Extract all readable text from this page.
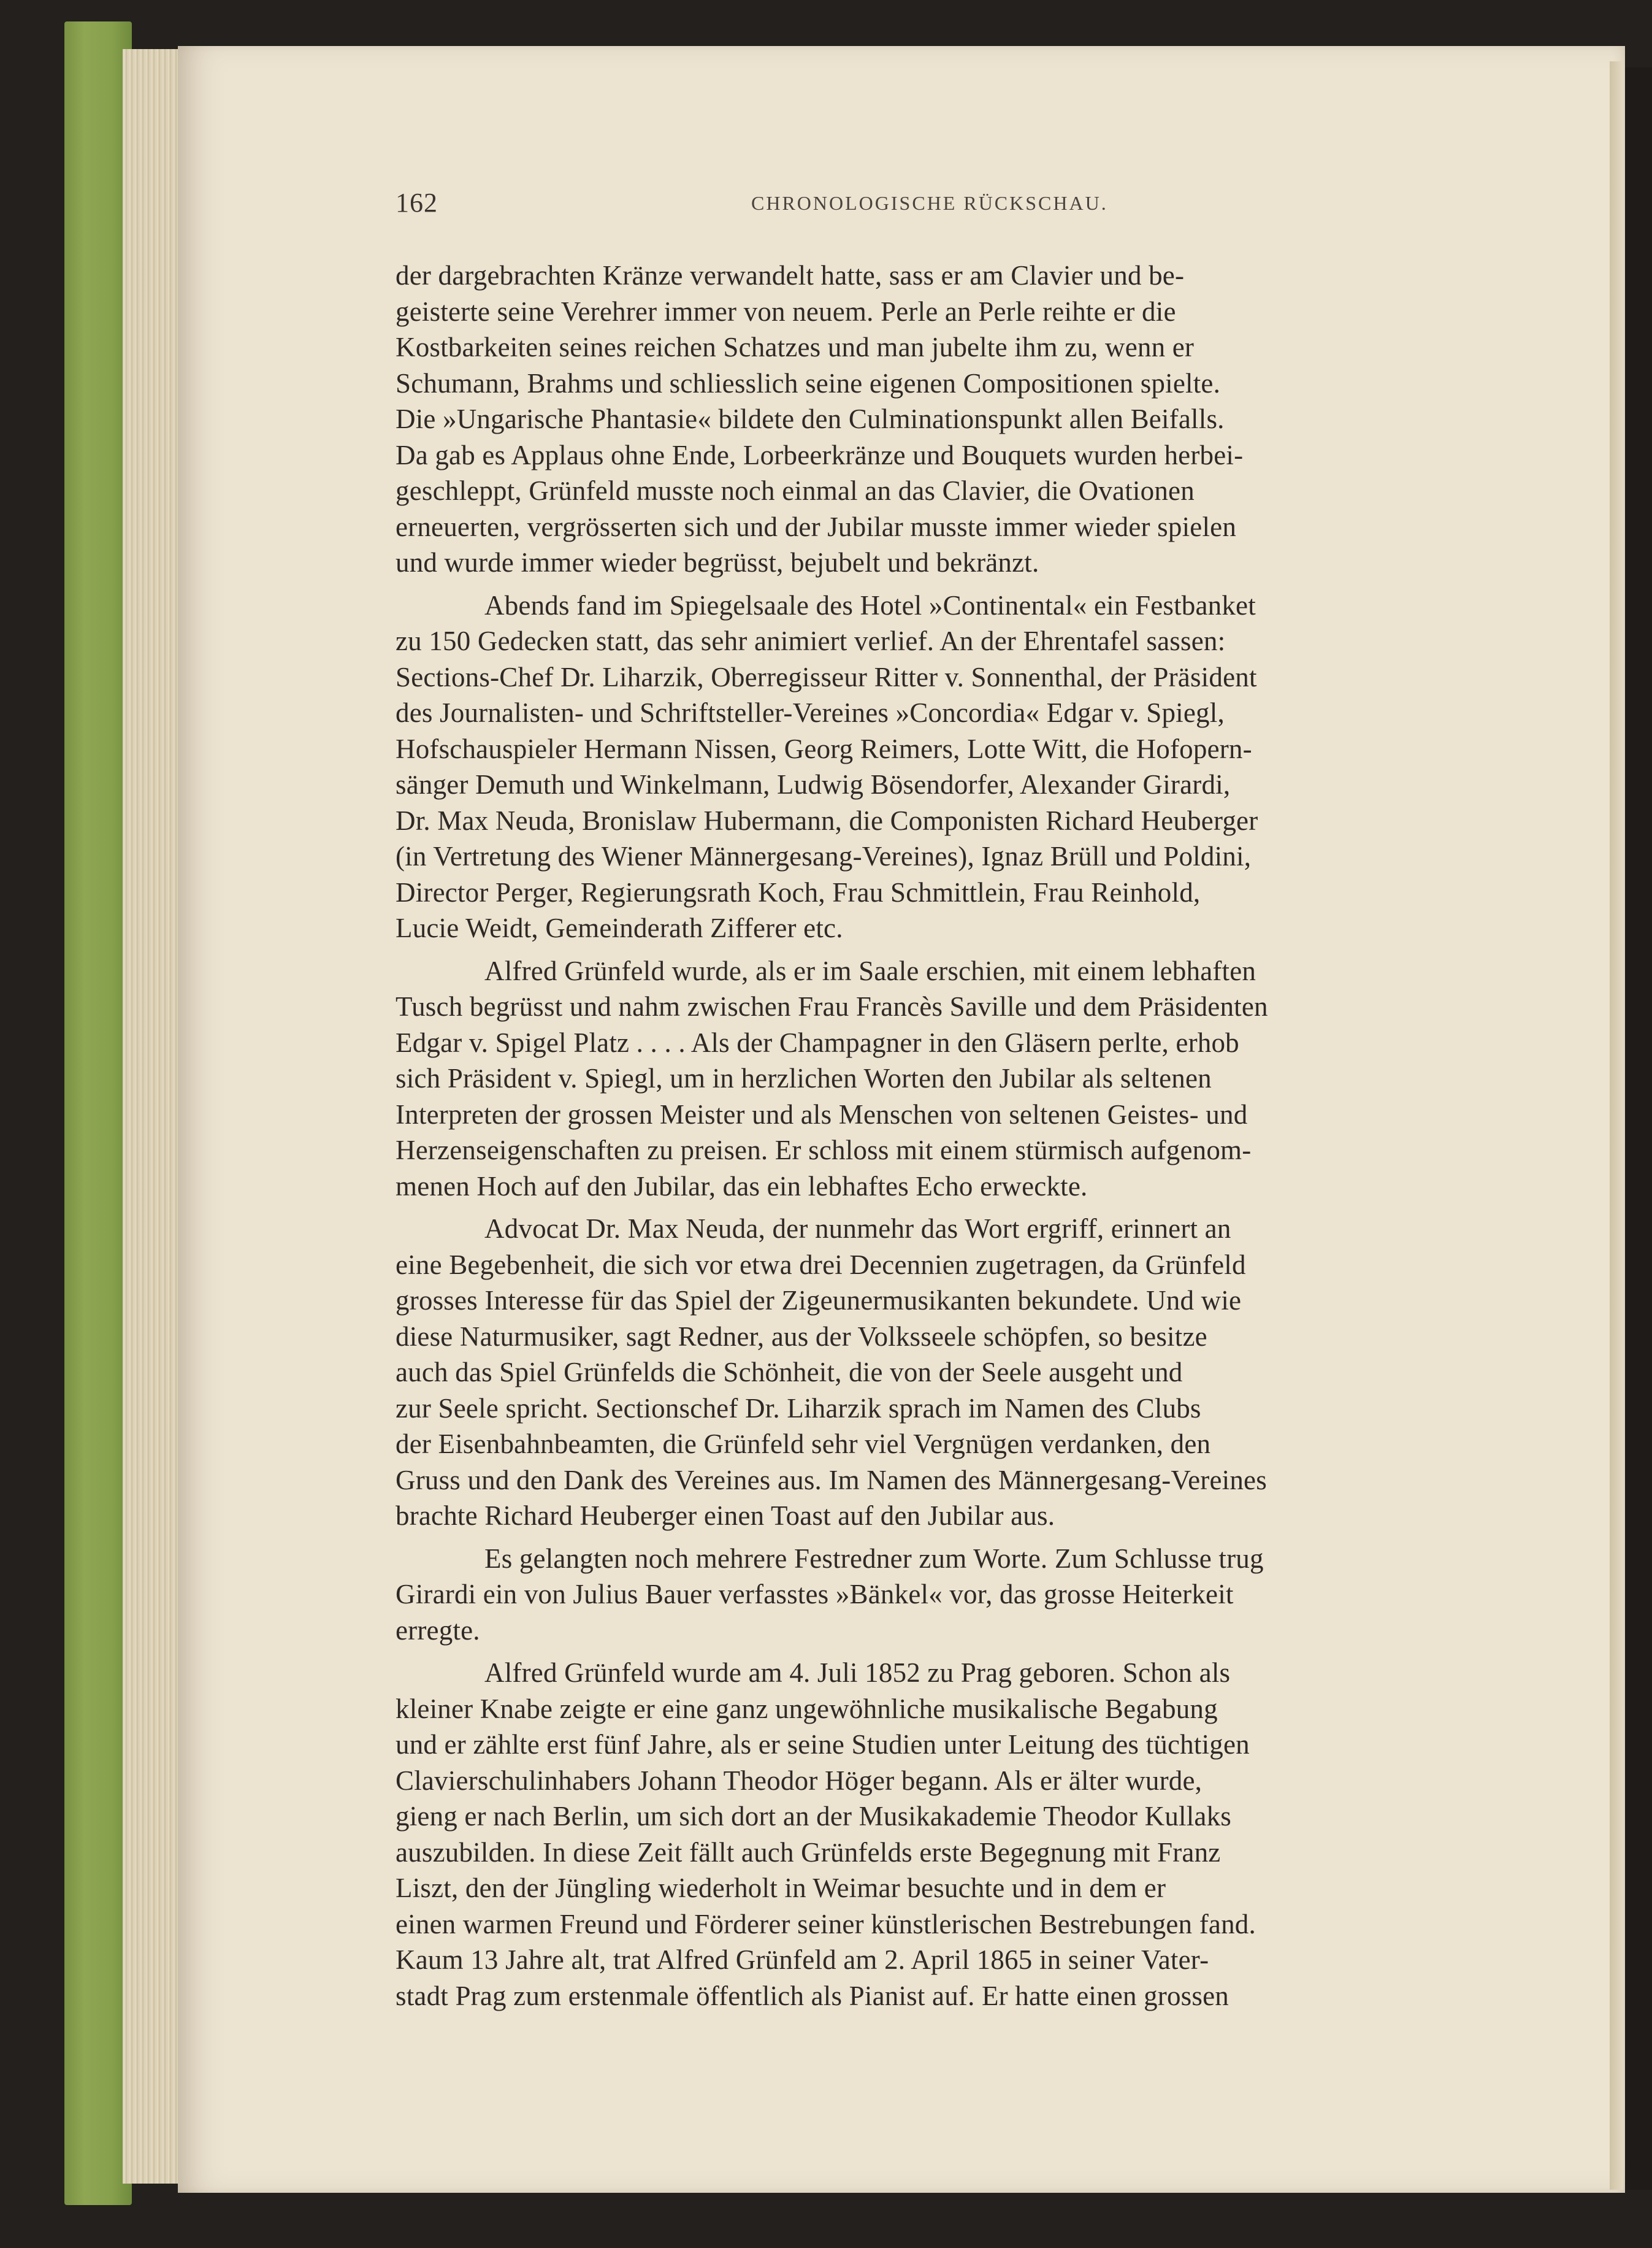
162	CHRONOLOGISCHE RÜCKSCHAU.

der dargebrachten Kränze verwandelt hatte, sass er am Clavier und be-
geisterte seine Verehrer immer von neuem. Perle an Perle reihte er die
Kostbarkeiten seines reichen Schatzes und man jubelte ihm zu, wenn er
Schumann, Brahms und schliesslich seine eigenen Compositionen spielte.
Die »Ungarische Phantasie« bildete den Culminationspunkt allen Beifalls.
Da gab es Applaus ohne Ende, Lorbeerkränze und Bouquets wurden herbei-
geschleppt, Grünfeld musste noch einmal an das Clavier, die Ovationen
erneuerten, vergrösserten sich und der Jubilar musste immer wieder spielen
und wurde immer wieder begrüsst, bejubelt und bekränzt.

Abends fand im Spiegelsaale des Hotel »Continental« ein Festbanket
zu 150 Gedecken statt, das sehr animiert verlief. An der Ehrentafel sassen:
Sections-Chef Dr. Liharzik, Oberregisseur Ritter v. Sonnenthal, der Präsident
des Journalisten- und Schriftsteller-Vereines »Concordia« Edgar v. Spiegl,
Hofschauspieler Hermann Nissen, Georg Reimers, Lotte Witt, die Hofopern-
sänger Demuth und Winkelmann, Ludwig Bösendorfer, Alexander Girardi,
Dr. Max Neuda, Bronislaw Hubermann, die Componisten Richard Heuberger
(in Vertretung des Wiener Männergesang-Vereines), Ignaz Brüll und Poldini,
Director Perger, Regierungsrath Koch, Frau Schmittlein, Frau Reinhold,
Lucie Weidt, Gemeinderath Zifferer etc.

Alfred Grünfeld wurde, als er im Saale erschien, mit einem lebhaften
Tusch begrüsst und nahm zwischen Frau Francès Saville und dem Präsidenten
Edgar v. Spigel Platz . . . . Als der Champagner in den Gläsern perlte, erhob
sich Präsident v. Spiegl, um in herzlichen Worten den Jubilar als seltenen
Interpreten der grossen Meister und als Menschen von seltenen Geistes- und
Herzenseigenschaften zu preisen. Er schloss mit einem stürmisch aufgenom-
menen Hoch auf den Jubilar, das ein lebhaftes Echo erweckte.

Advocat Dr. Max Neuda, der nunmehr das Wort ergriff, erinnert an
eine Begebenheit, die sich vor etwa drei Decennien zugetragen, da Grünfeld
grosses Interesse für das Spiel der Zigeunermusikanten bekundete. Und wie
diese Naturmusiker, sagt Redner, aus der Volksseele schöpfen, so besitze
auch das Spiel Grünfelds die Schönheit, die von der Seele ausgeht und
zur Seele spricht. Sectionschef Dr. Liharzik sprach im Namen des Clubs
der Eisenbahnbeamten, die Grünfeld sehr viel Vergnügen verdanken, den
Gruss und den Dank des Vereines aus. Im Namen des Männergesang-Vereines
brachte Richard Heuberger einen Toast auf den Jubilar aus.

Es gelangten noch mehrere Festredner zum Worte. Zum Schlusse trug
Girardi ein von Julius Bauer verfasstes »Bänkel« vor, das grosse Heiterkeit
erregte.

Alfred Grünfeld wurde am 4. Juli 1852 zu Prag geboren. Schon als
kleiner Knabe zeigte er eine ganz ungewöhnliche musikalische Begabung
und er zählte erst fünf Jahre, als er seine Studien unter Leitung des tüchtigen
Clavierschulinhabers Johann Theodor Höger begann. Als er älter wurde,
gieng er nach Berlin, um sich dort an der Musikakademie Theodor Kullaks
auszubilden. In diese Zeit fällt auch Grünfelds erste Begegnung mit Franz
Liszt, den der Jüngling wiederholt in Weimar besuchte und in dem er
einen warmen Freund und Förderer seiner künstlerischen Bestrebungen fand.
Kaum 13 Jahre alt, trat Alfred Grünfeld am 2. April 1865 in seiner Vater-
stadt Prag zum erstenmale öffentlich als Pianist auf. Er hatte einen grossen
